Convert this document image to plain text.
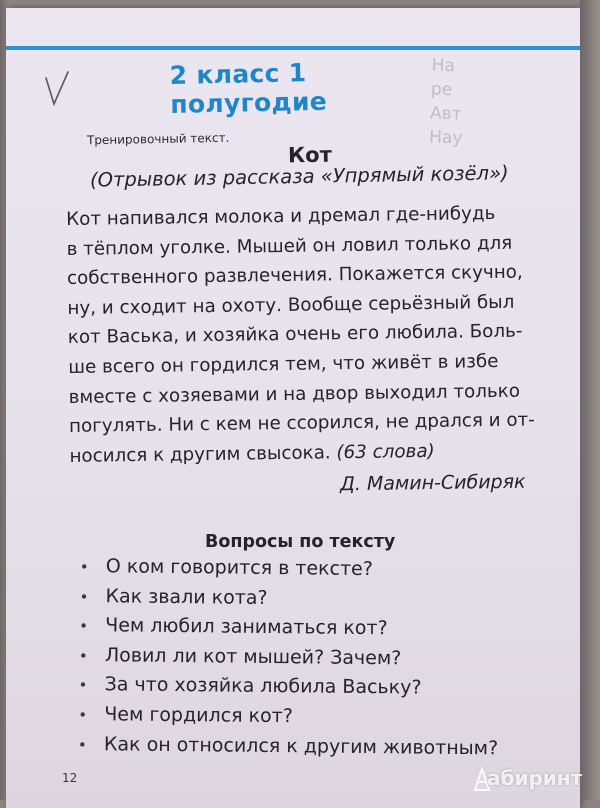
На
ре
Авт
Нау
2 класс 1 полугодие
Тренировочный текст.
Кот
(Отрывок из рассказа «Упрямый козёл»)
Кот напивался молока и дремал где-нибудь
в тёплом уголке. Мышей он ловил только для
собственного развлечения. Покажется скучно,
ну, и сходит на охоту. Вообще серьёзный был
кот Васька, и хозяйка очень его любила. Боль-
ше всего он гордился тем, что живёт в избе
вместе с хозяевами и на двор выходил только
погулять. Ни с кем не ссорился, не дрался и от-
носился к другим свысока. (63 слова)
Д. Мамин-Сибиряк
Вопросы по тексту
• О ком говорится в тексте?
• Как звали кота?
• Чем любил заниматься кот?
• Ловил ли кот мышей? Зачем?
• За что хозяйка любила Ваську?
• Чем гордился кот?
• Как он относился к другим животным?
12	абиринт
